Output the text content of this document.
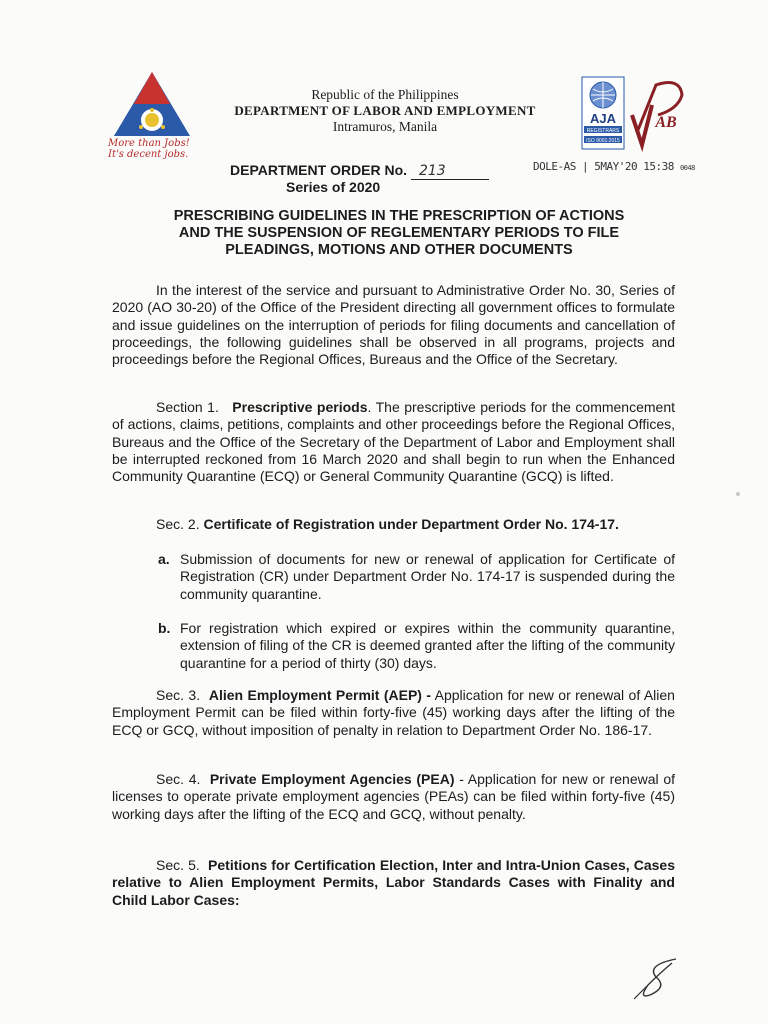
More than Jobs!
It's decent jobs.
Republic of the Philippines
DEPARTMENT OF LABOR AND EMPLOYMENT
Intramuros, Manila
AJA
REGISTRARS
ISO 9001:2015
AB
DEPARTMENT ORDER No. 213
Series of 2020
DOLE-AS | 5MAY'20 15:38 0048
PRESCRIBING GUIDELINES IN THE PRESCRIPTION OF ACTIONS
AND THE SUSPENSION OF REGLEMENTARY PERIODS TO FILE
PLEADINGS, MOTIONS AND OTHER DOCUMENTS
In the interest of the service and pursuant to Administrative Order No. 30, Series of 2020 (AO 30-20) of the Office of the President directing all government offices to formulate and issue guidelines on the interruption of periods for filing documents and cancellation of proceedings, the following guidelines shall be observed in all programs, projects and proceedings before the Regional Offices, Bureaus and the Office of the Secretary.
Section 1. Prescriptive periods. The prescriptive periods for the commencement of actions, claims, petitions, complaints and other proceedings before the Regional Offices, Bureaus and the Office of the Secretary of the Department of Labor and Employment shall be interrupted reckoned from 16 March 2020 and shall begin to run when the Enhanced Community Quarantine (ECQ) or General Community Quarantine (GCQ) is lifted.
Sec. 2. Certificate of Registration under Department Order No. 174-17.
a. Submission of documents for new or renewal of application for Certificate of Registration (CR) under Department Order No. 174-17 is suspended during the community quarantine.
b. For registration which expired or expires within the community quarantine, extension of filing of the CR is deemed granted after the lifting of the community quarantine for a period of thirty (30) days.
Sec. 3. Alien Employment Permit (AEP) - Application for new or renewal of Alien Employment Permit can be filed within forty-five (45) working days after the lifting of the ECQ or GCQ, without imposition of penalty in relation to Department Order No. 186-17.
Sec. 4. Private Employment Agencies (PEA) - Application for new or renewal of licenses to operate private employment agencies (PEAs) can be filed within forty-five (45) working days after the lifting of the ECQ and GCQ, without penalty.
Sec. 5. Petitions for Certification Election, Inter and Intra-Union Cases, Cases relative to Alien Employment Permits, Labor Standards Cases with Finality and Child Labor Cases:
